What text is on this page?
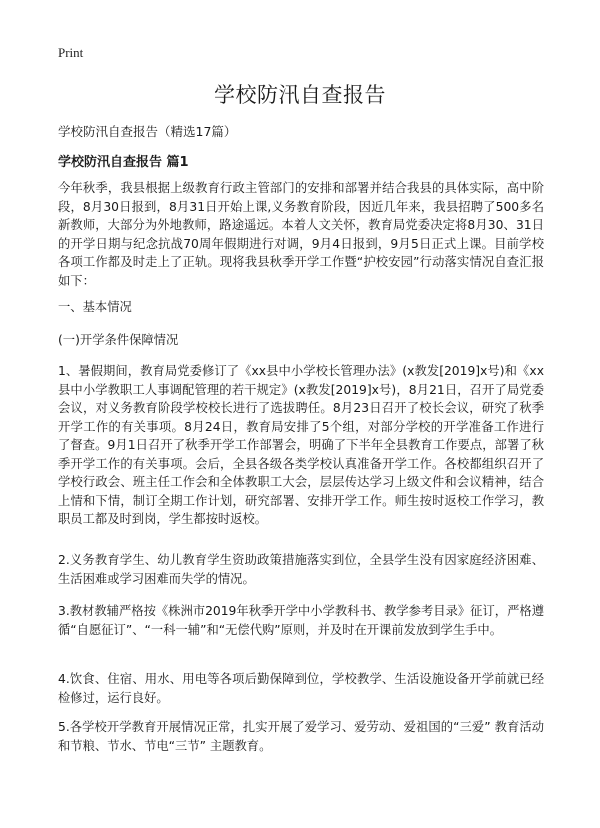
Print
学校防汛自查报告

学校防汛自查报告（精选17篇）

学校防汛自查报告 篇1

今年秋季，我县根据上级教育行政主管部门的安排和部署并结合我县的具体实际，高中阶段，8月30日报到，8月31日开始上课,义务教育阶段，因近几年来，我县招聘了500多名新教师，大部分为外地教师，路途遥远。本着人文关怀，教育局党委决定将8月30、31日的开学日期与纪念抗战70周年假期进行对调，9月4日报到，9月5日正式上课。目前学校各项工作都及时走上了正轨。现将我县秋季开学工作暨“护校安园”行动落实情况自查汇报如下：

一、基本情况

(一)开学条件保障情况

1、暑假期间，教育局党委修订了《xx县中小学校长管理办法》(x教发[2019]x号)和《xx县中小学教职工人事调配管理的若干规定》(x教发[2019]x号)，8月21日，召开了局党委会议，对义务教育阶段学校校长进行了选拔聘任。8月23日召开了校长会议，研究了秋季开学工作的有关事项。8月24日，教育局安排了5个组，对部分学校的开学准备工作进行了督查。9月1日召开了秋季开学工作部署会，明确了下半年全县教育工作要点，部署了秋季开学工作的有关事项。会后，全县各级各类学校认真准备开学工作。各校都组织召开了学校行政会、班主任工作会和全体教职工大会，层层传达学习上级文件和会议精神，结合上情和下情，制订全期工作计划，研究部署、安排开学工作。师生按时返校工作学习，教职员工都及时到岗，学生都按时返校。

2.义务教育学生、幼儿教育学生资助政策措施落实到位，全县学生没有因家庭经济困难、生活困难或学习困难而失学的情况。

3.教材教辅严格按《株洲市2019年秋季开学中小学教科书、教学参考目录》征订，严格遵循“自愿征订”、“一科一辅”和“无偿代购”原则，并及时在开课前发放到学生手中。

4.饮食、住宿、用水、用电等各项后勤保障到位，学校教学、生活设施设备开学前就已经检修过，运行良好。

5.各学校开学教育开展情况正常，扎实开展了爱学习、爱劳动、爱祖国的“三爱” 教育活动和节粮、节水、节电“三节” 主题教育。
